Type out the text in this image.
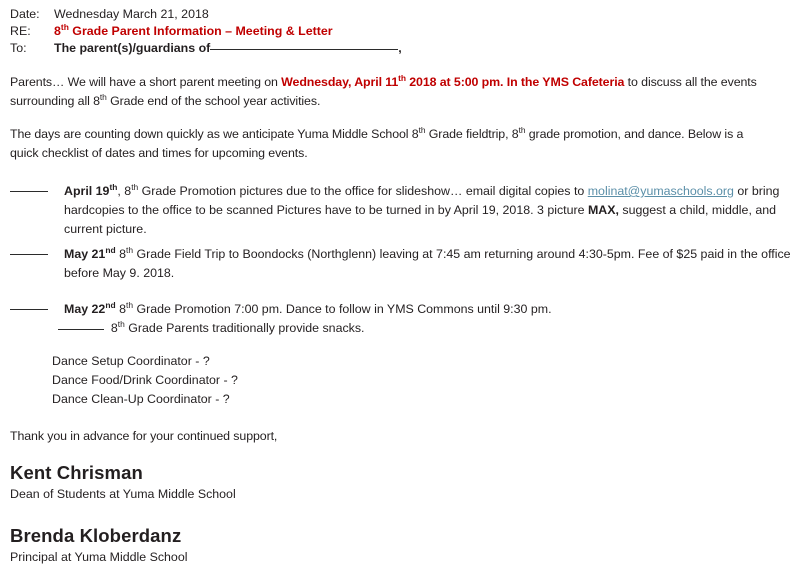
Date: Wednesday March 21, 2018
RE: 8th Grade Parent Information – Meeting & Letter
To: The parent(s)/guardians of	,
Parents… We will have a short parent meeting on Wednesday, April 11th 2018 at 5:00 pm. In the YMS Cafeteria to discuss all the events surrounding all 8th Grade end of the school year activities.
The days are counting down quickly as we anticipate Yuma Middle School 8th Grade fieldtrip, 8th grade promotion, and dance. Below is a quick checklist of dates and times for upcoming events.
April 19th, 8th Grade Promotion pictures due to the office for slideshow… email digital copies to molinat@yumaschools.org or bring hardcopies to the office to be scanned Pictures have to be turned in by April 19, 2018. 3 picture MAX, suggest a child, middle, and current picture.
May 21nd 8th Grade Field Trip to Boondocks (Northglenn) leaving at 7:45 am returning around 4:30-5pm. Fee of $25 paid in the office before May 9. 2018.
May 22nd 8th Grade Promotion 7:00 pm. Dance to follow in YMS Commons until 9:30 pm.
8th Grade Parents traditionally provide snacks.
Dance Setup Coordinator - ?
Dance Food/Drink Coordinator - ?
Dance Clean-Up Coordinator - ?
Thank you in advance for your continued support,
Kent Chrisman
Dean of Students at Yuma Middle School
Brenda Kloberdanz
Principal at Yuma Middle School
